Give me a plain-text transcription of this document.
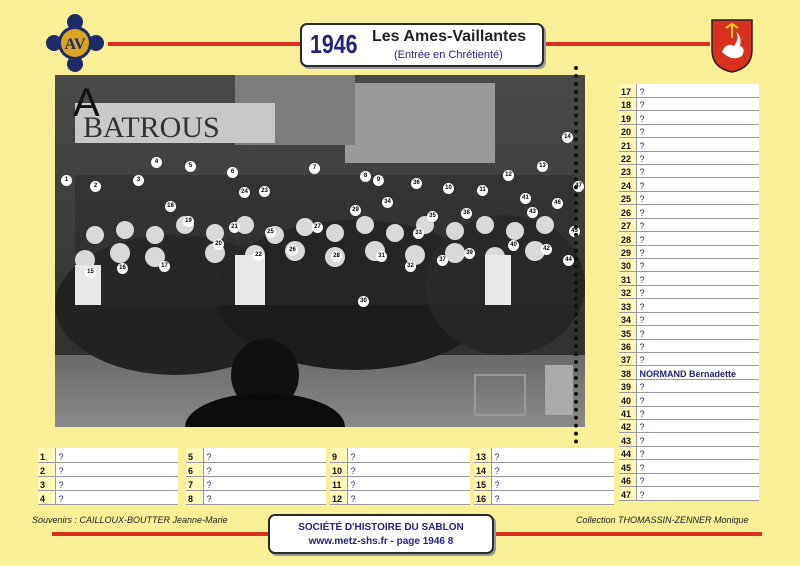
AV	1946 Les Ames-Vaillantes
(Entrée en Chrétienté)
BATROUS
A
1
2
3
4
5
6
7
8
9
10	11
12
13
14
15
16	17
18
19
20
21
22
23
24
25
26
27
28
29
30
31
32
33
34
35
36
37
38
39
40
41
42
43
44
45
46
47
17	?
18	?
19	?
20	?
21	?
22	?
23	?
24	?
25	?
26	?
27	?
28	?
29	?
30	?
31	?
32	?
33	?
34	?
35	?
36	?
37	?
38	NORMAND Bernadette
39	?
40	?
41	?
42	?
43	?
44	?
45	?
46	?
47	?
1	?
2	?
3	?
4	?
5	?
6	?
7	?
8	?
9	?
10	?
11	?
12	?
13	?
14	?
15	?
16	?
Souvenirs : CAILLOUX-BOUTTER Jeanne-Marie	Collection THOMASSIN-ZENNER Monique
SOCIÉTÉ D'HISTOIRE DU SABLON
www.metz-shs.fr - page 1946 8
